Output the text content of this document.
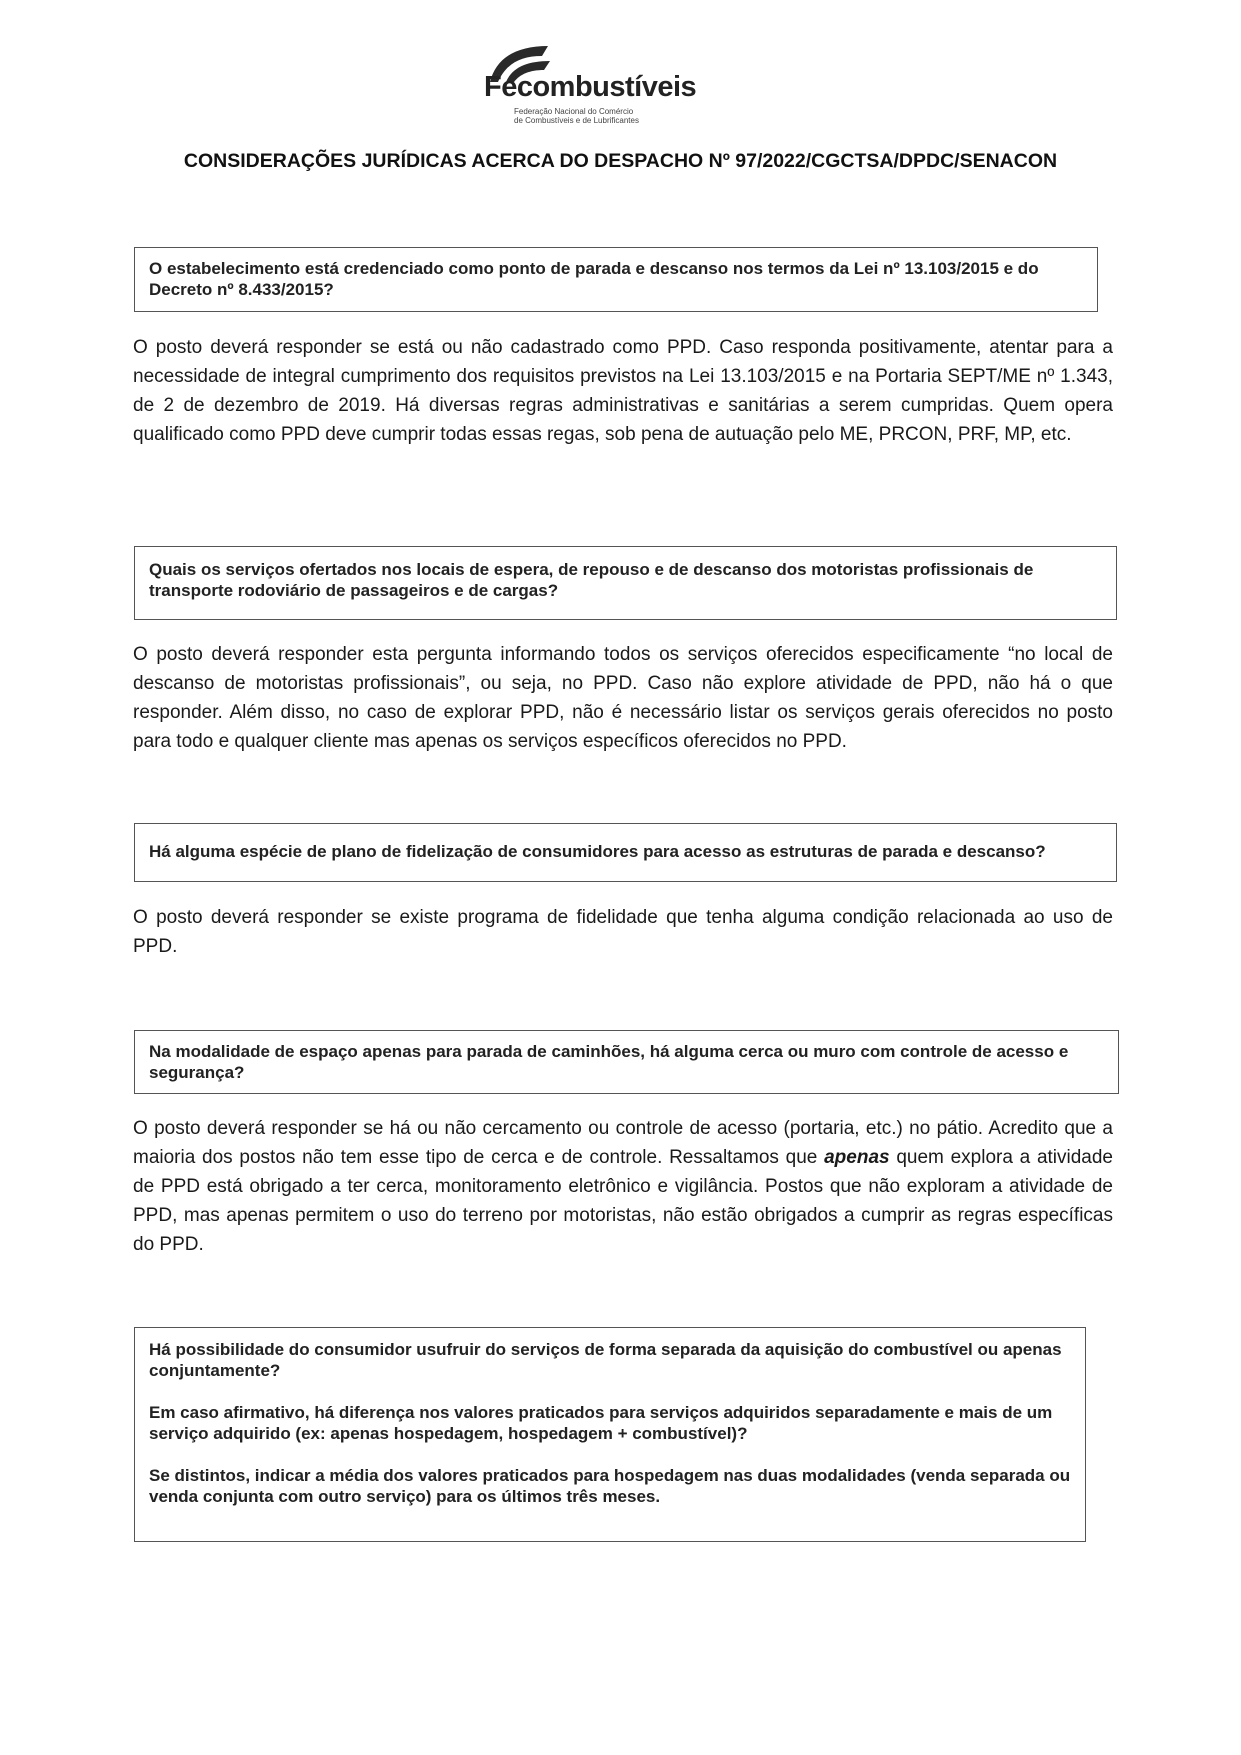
Fecombustíveis
Federação Nacional do Comércio
de Combustíveis e de Lubrificantes
CONSIDERAÇÕES JURÍDICAS ACERCA DO DESPACHO Nº 97/2022/CGCTSA/DPDC/SENACON

O estabelecimento está credenciado como ponto de parada e descanso nos termos da Lei nº 13.103/2015 e do Decreto nº 8.433/2015?

O posto deverá responder se está ou não cadastrado como PPD. Caso responda positivamente, atentar para a necessidade de integral cumprimento dos requisitos previstos na Lei 13.103/2015 e na Portaria SEPT/ME nº 1.343, de 2 de dezembro de 2019. Há diversas regras administrativas e sanitárias a serem cumpridas. Quem opera qualificado como PPD deve cumprir todas essas regas, sob pena de autuação pelo ME, PRCON, PRF, MP, etc.

Quais os serviços ofertados nos locais de espera, de repouso e de descanso dos motoristas profissionais de transporte rodoviário de passageiros e de cargas?

O posto deverá responder esta pergunta informando todos os serviços oferecidos especificamente “no local de descanso de motoristas profissionais”, ou seja, no PPD. Caso não explore atividade de PPD, não há o que responder. Além disso, no caso de explorar PPD, não é necessário listar os serviços gerais oferecidos no posto para todo e qualquer cliente mas apenas os serviços específicos oferecidos no PPD.

Há alguma espécie de plano de fidelização de consumidores para acesso as estruturas de parada e descanso?

O posto deverá responder se existe programa de fidelidade que tenha alguma condição relacionada ao uso de PPD.

Na modalidade de espaço apenas para parada de caminhões, há alguma cerca ou muro com controle de acesso e segurança?

O posto deverá responder se há ou não cercamento ou controle de acesso (portaria, etc.) no pátio. Acredito que a maioria dos postos não tem esse tipo de cerca e de controle. Ressaltamos que apenas quem explora a atividade de PPD está obrigado a ter cerca, monitoramento eletrônico e vigilância. Postos que não exploram a atividade de PPD, mas apenas permitem o uso do terreno por motoristas, não estão obrigados a cumprir as regras específicas do PPD.

Há possibilidade do consumidor usufruir do serviços de forma separada da aquisição do combustível ou apenas conjuntamente?

Em caso afirmativo, há diferença nos valores praticados para serviços adquiridos separadamente e mais de um serviço adquirido (ex: apenas hospedagem, hospedagem + combustível)?

Se distintos, indicar a média dos valores praticados para hospedagem nas duas modalidades (venda separada ou venda conjunta com outro serviço) para os últimos três meses.
